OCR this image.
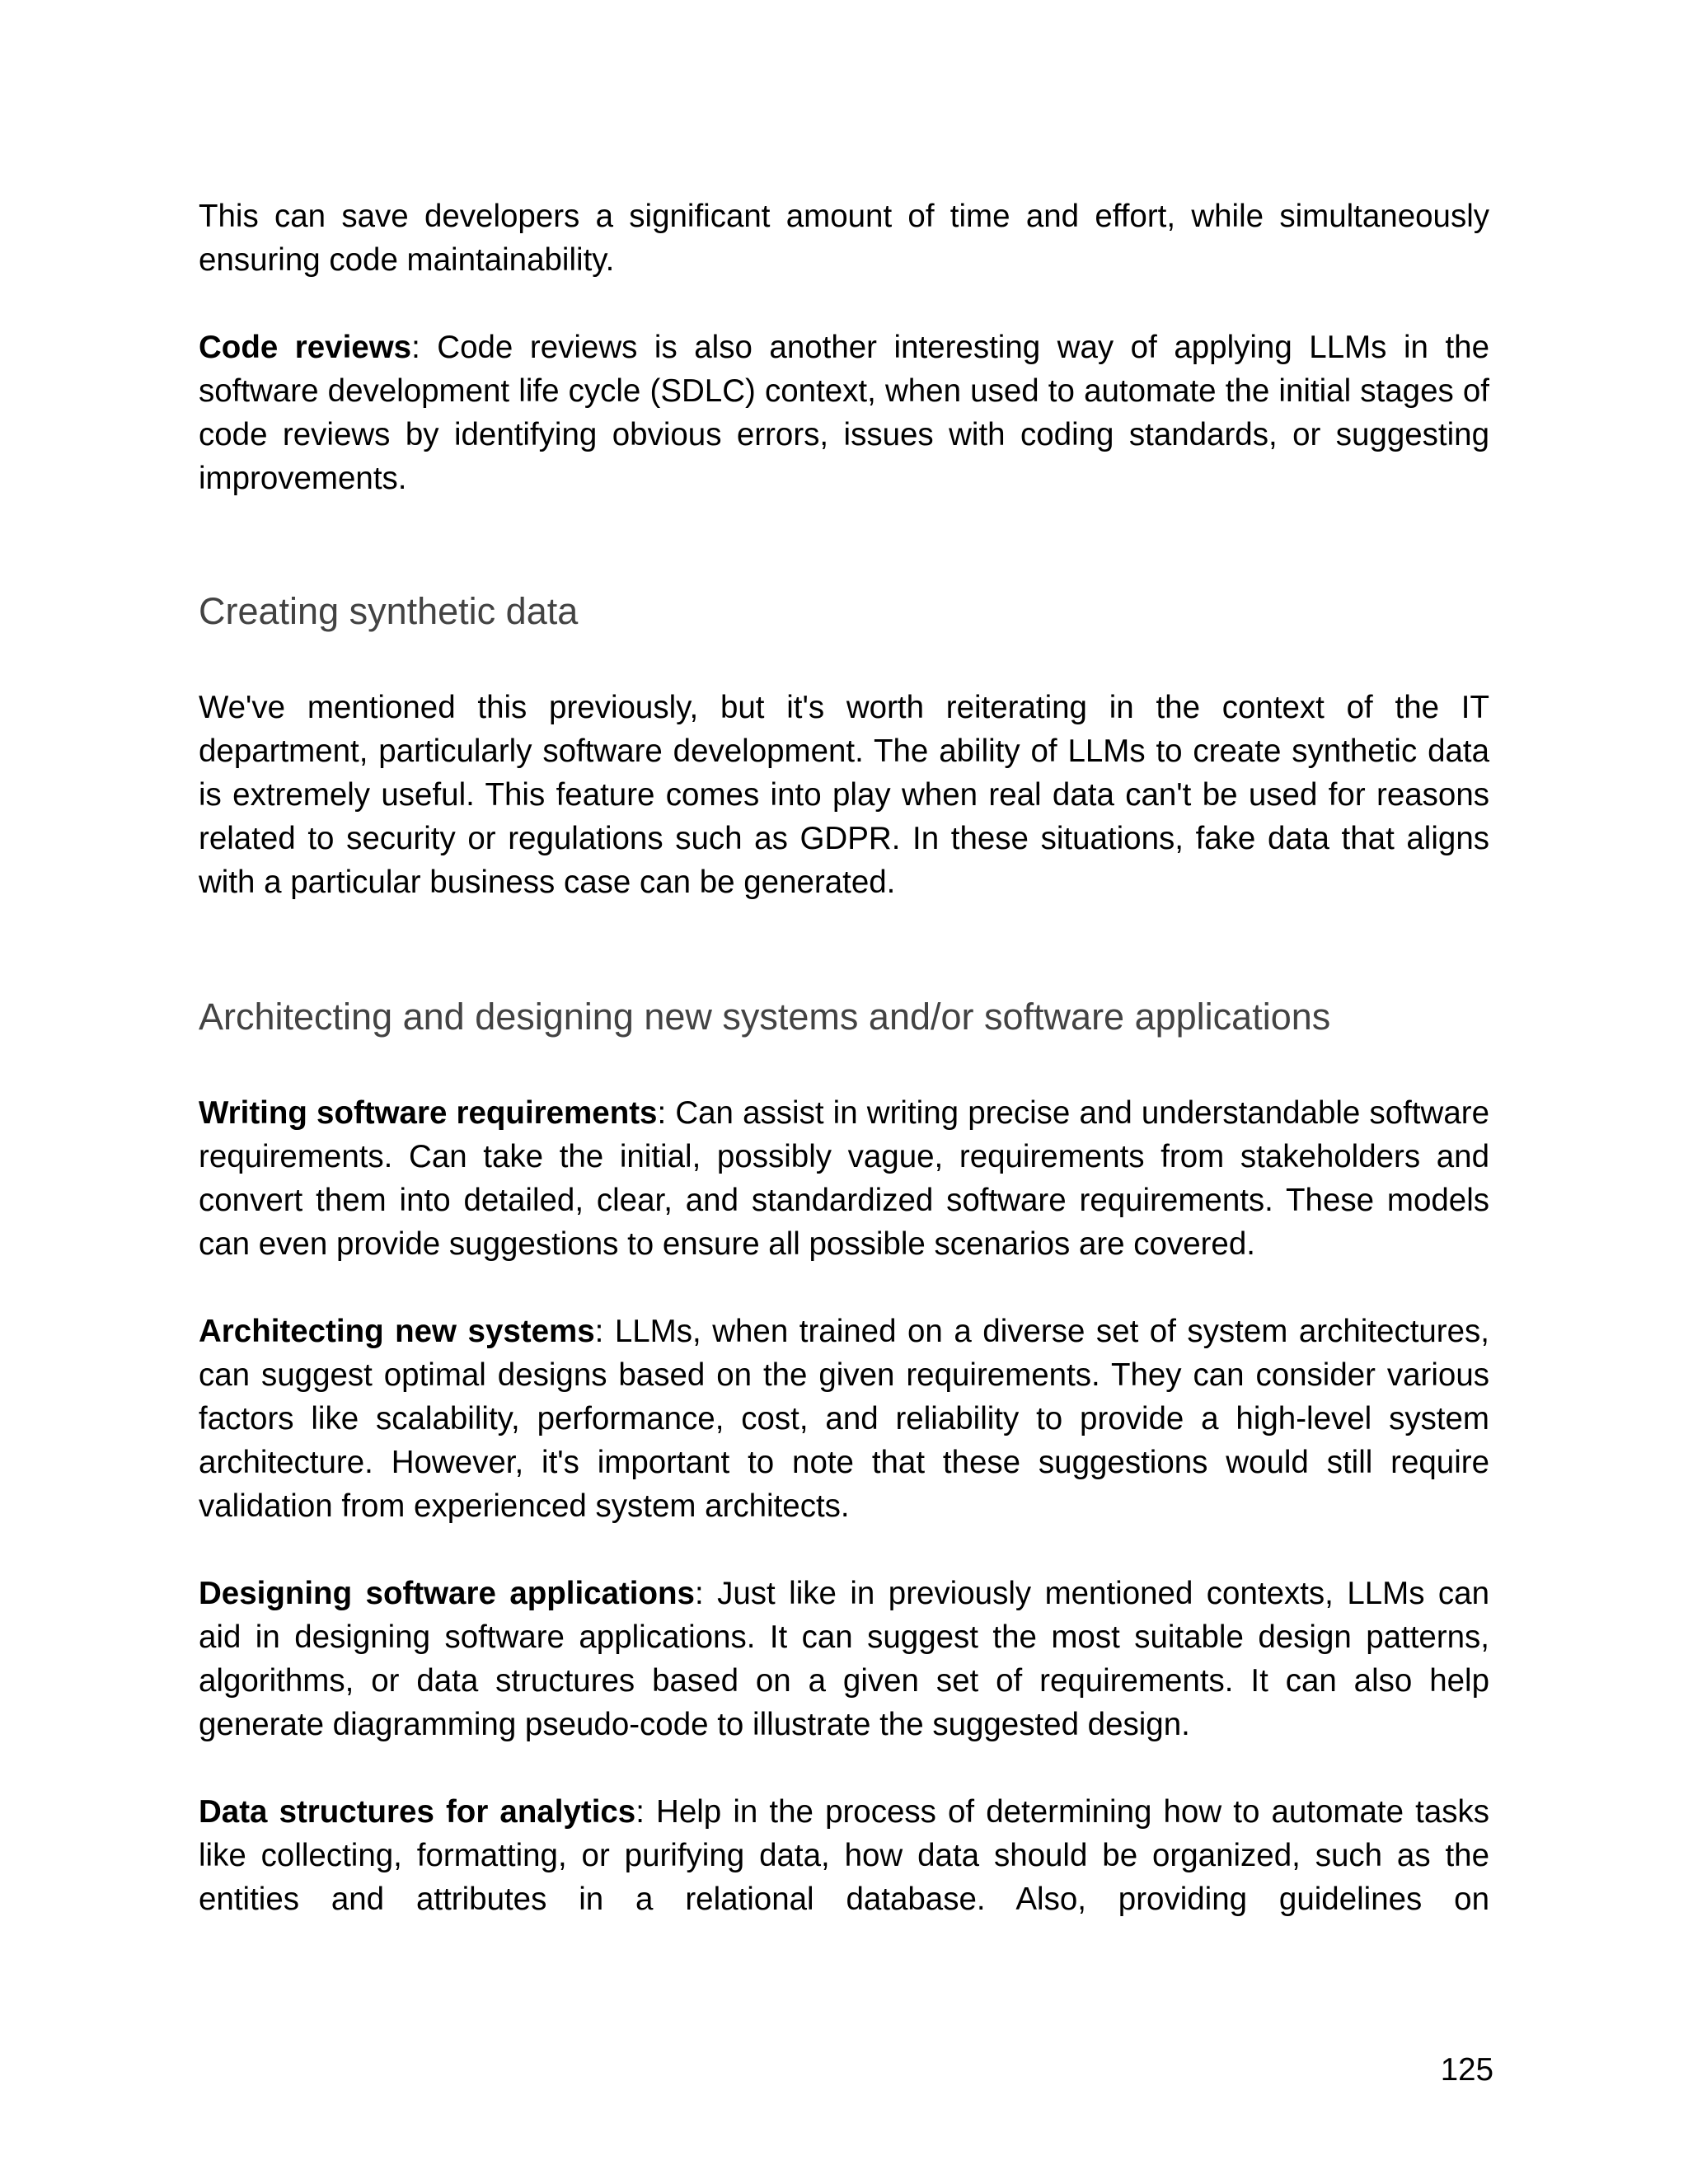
This can save developers a significant amount of time and effort, while simultaneously ensuring code maintainability.

Code reviews: Code reviews is also another interesting way of applying LLMs in the software development life cycle (SDLC) context, when used to automate the initial stages of code reviews by identifying obvious errors, issues with coding standards, or suggesting improvements.

Creating synthetic data

We've mentioned this previously, but it's worth reiterating in the context of the IT department, particularly software development. The ability of LLMs to create synthetic data is extremely useful. This feature comes into play when real data can't be used for reasons related to security or regulations such as GDPR. In these situations, fake data that aligns with a particular business case can be generated.

Architecting and designing new systems and/or software applications

Writing software requirements: Can assist in writing precise and understandable software requirements. Can take the initial, possibly vague, requirements from stakeholders and convert them into detailed, clear, and standardized software requirements. These models can even provide suggestions to ensure all possible scenarios are covered.

Architecting new systems: LLMs, when trained on a diverse set of system architectures, can suggest optimal designs based on the given requirements. They can consider various factors like scalability, performance, cost, and reliability to provide a high-level system architecture. However, it's important to note that these suggestions would still require validation from experienced system architects.

Designing software applications: Just like in previously mentioned contexts, LLMs can aid in designing software applications. It can suggest the most suitable design patterns, algorithms, or data structures based on a given set of requirements. It can also help generate diagramming pseudo-code to illustrate the suggested design.

Data structures for analytics: Help in the process of determining how to automate tasks like collecting, formatting, or purifying data, how data should be organized, such as the entities and attributes in a relational database. Also, providing guidelines on

125
